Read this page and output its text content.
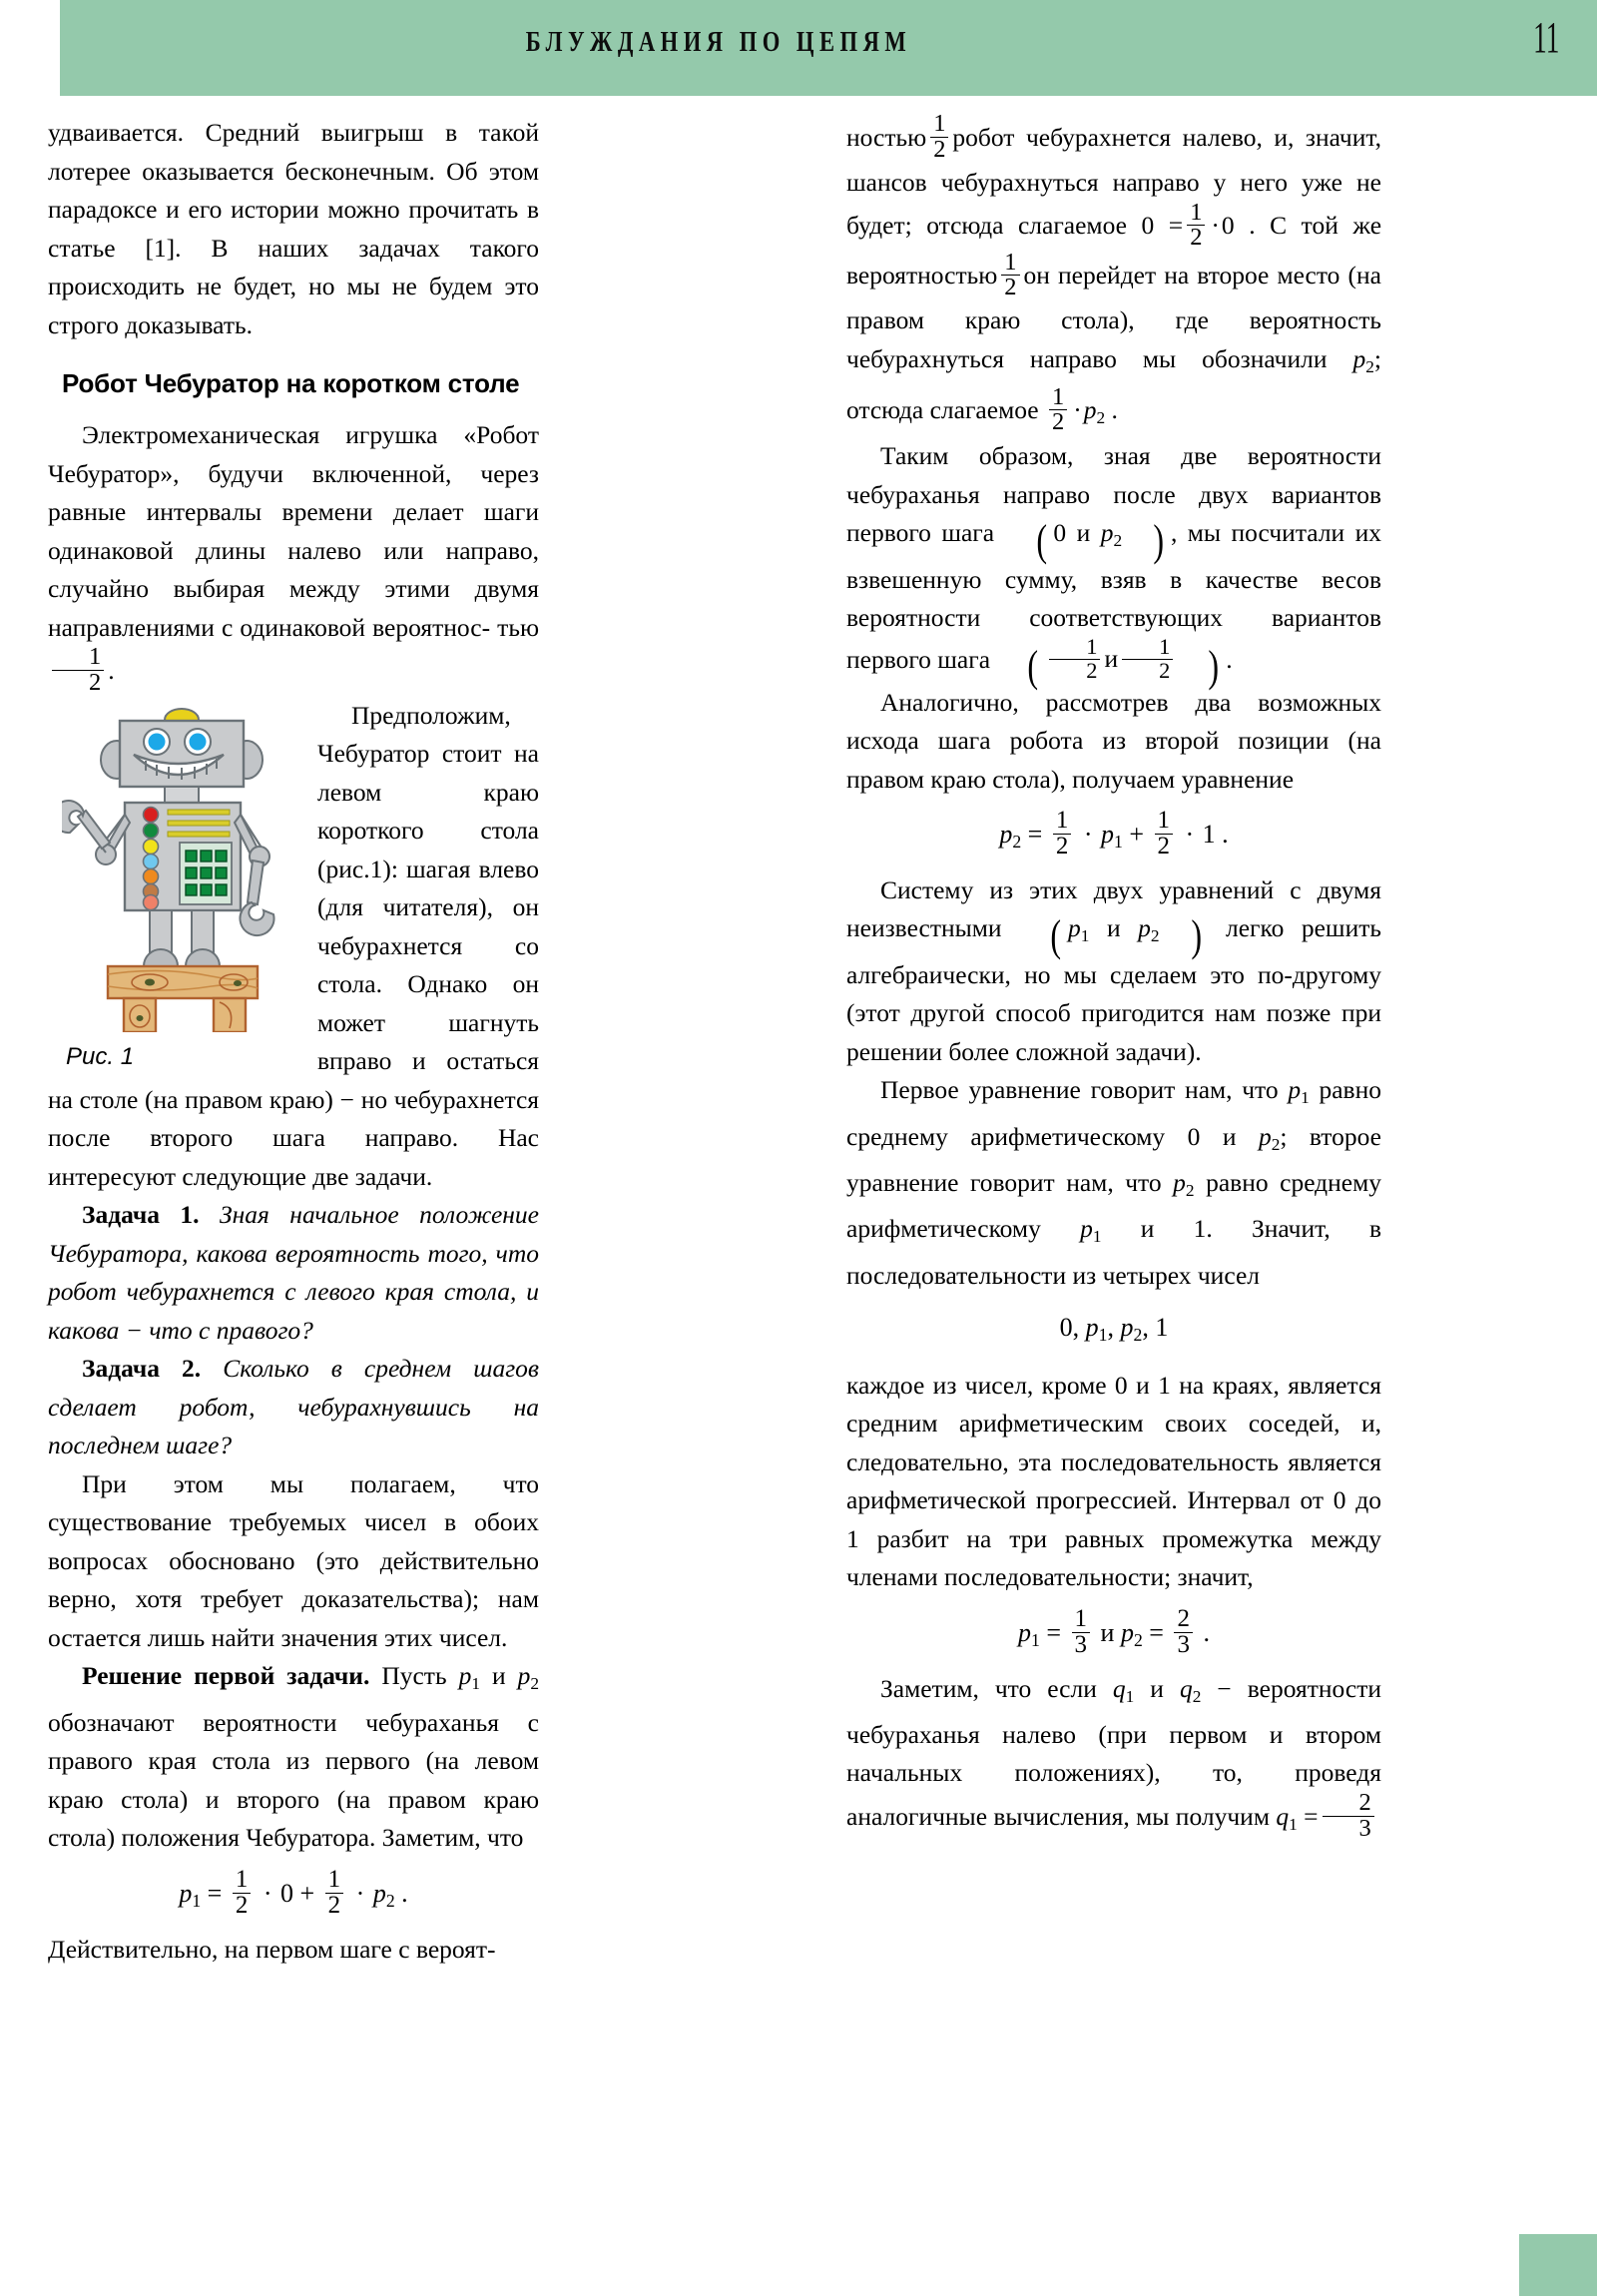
БЛУЖДАНИЯ ПО ЦЕПЯМ	11

удваивается. Средний выигрыш в такой лотерее оказывается бесконечным. Об этом парадоксе и его истории можно прочитать в статье [1]. В наших задачах такого происходить не будет, но мы не будем это строго доказывать.

Робот Чебуратор на коротком столе

Электромеханическая игрушка «Робот Чебуратор», будучи включенной, через равные интервалы времени делает шаги одинаковой длины налево или направо, случайно выбирая между этими двумя направлениями с одинаковой вероятнос- тью
$\frac{1}{2}$ .

Рис. 1

Предположим, Чебуратор стоит на левом краю короткого стола (рис.1): шагая влево (для читателя), он чебурахнется со стола. Однако он может шагнуть вправо и остаться на столе (на правом краю) − но чебурахнется после второго шага направо. Нас интересуют следующие две задачи.

Задача 1. Зная начальное положение Чебуратора, какова вероятность того, что робот чебурахнется с левого края стола, и какова − что с правого?

Задача 2. Сколько в среднем шагов сделает робот, чебурахнувшись на последнем шаге?

При этом мы полагаем, что существование требуемых чисел в обоих вопросах обосновано (это действительно верно, хотя требует доказательства); нам остается лишь найти значения этих чисел.

Решение первой задачи. Пусть $p_1$ и $p_2$ обозначают вероятности чебураханья с правого края стола из первого (на левом краю стола) и второго (на правом краю стола) положения Чебуратора. Заметим, что

$p_1 = \frac{1}{2} \cdot 0 + \frac{1}{2} \cdot p_2$ .

Действительно, на первом шаге с вероят-

ностью $\frac{1}{2}$ робот чебурахнется налево, и, значит, шансов чебурахнуться направо у него уже не будет; отсюда слагаемое $0 = \frac{1}{2} \cdot 0$ . С той же вероятностью $\frac{1}{2}$ он перейдет на второе место (на правом краю стола), где вероятность чебурахнуться направо мы обозначили $p_2$; отсюда слагаемое $\frac{1}{2} \cdot p_2$ .

Таким образом, зная две вероятности чебураханья направо после двух вариантов первого шага ( 0 и $p_2$ ) , мы посчитали их взвешенную сумму, взяв в качестве весов вероятности соответствующих вариантов первого шага ( $\frac{1}{2}$ и $\frac{1}{2}$ ) .

Аналогично, рассмотрев два возможных исхода шага робота из второй позиции (на правом краю стола), получаем уравнение

$p_2 = \frac{1}{2} \cdot p_1 + \frac{1}{2} \cdot 1$ .

Систему из этих двух уравнений с двумя неизвестными ( $p_1$ и $p_2$ ) легко решить алгебраически, но мы сделаем это по-другому (этот другой способ пригодится нам позже при решении более сложной задачи).

Первое уравнение говорит нам, что $p_1$ равно среднему арифметическому 0 и $p_2$; второе уравнение говорит нам, что $p_2$ равно среднему арифметическому $p_1$ и 1. Значит, в последовательности из четырех чисел

0, $p_1$, $p_2$, 1

каждое из чисел, кроме 0 и 1 на краях, является средним арифметическим своих соседей, и, следовательно, эта последовательность является арифметической прогрессией. Интервал от 0 до 1 разбит на три равных промежутка между членами последовательности; значит,

$p_1 = \frac{1}{3}$ и $p_2 = \frac{2}{3}$ .

Заметим, что если $q_1$ и $q_2$ − вероятности чебураханья налево (при первом и втором начальных положениях), то, проведя аналогичные вычисления, мы получим $q_1 = \frac{2}{3}$
